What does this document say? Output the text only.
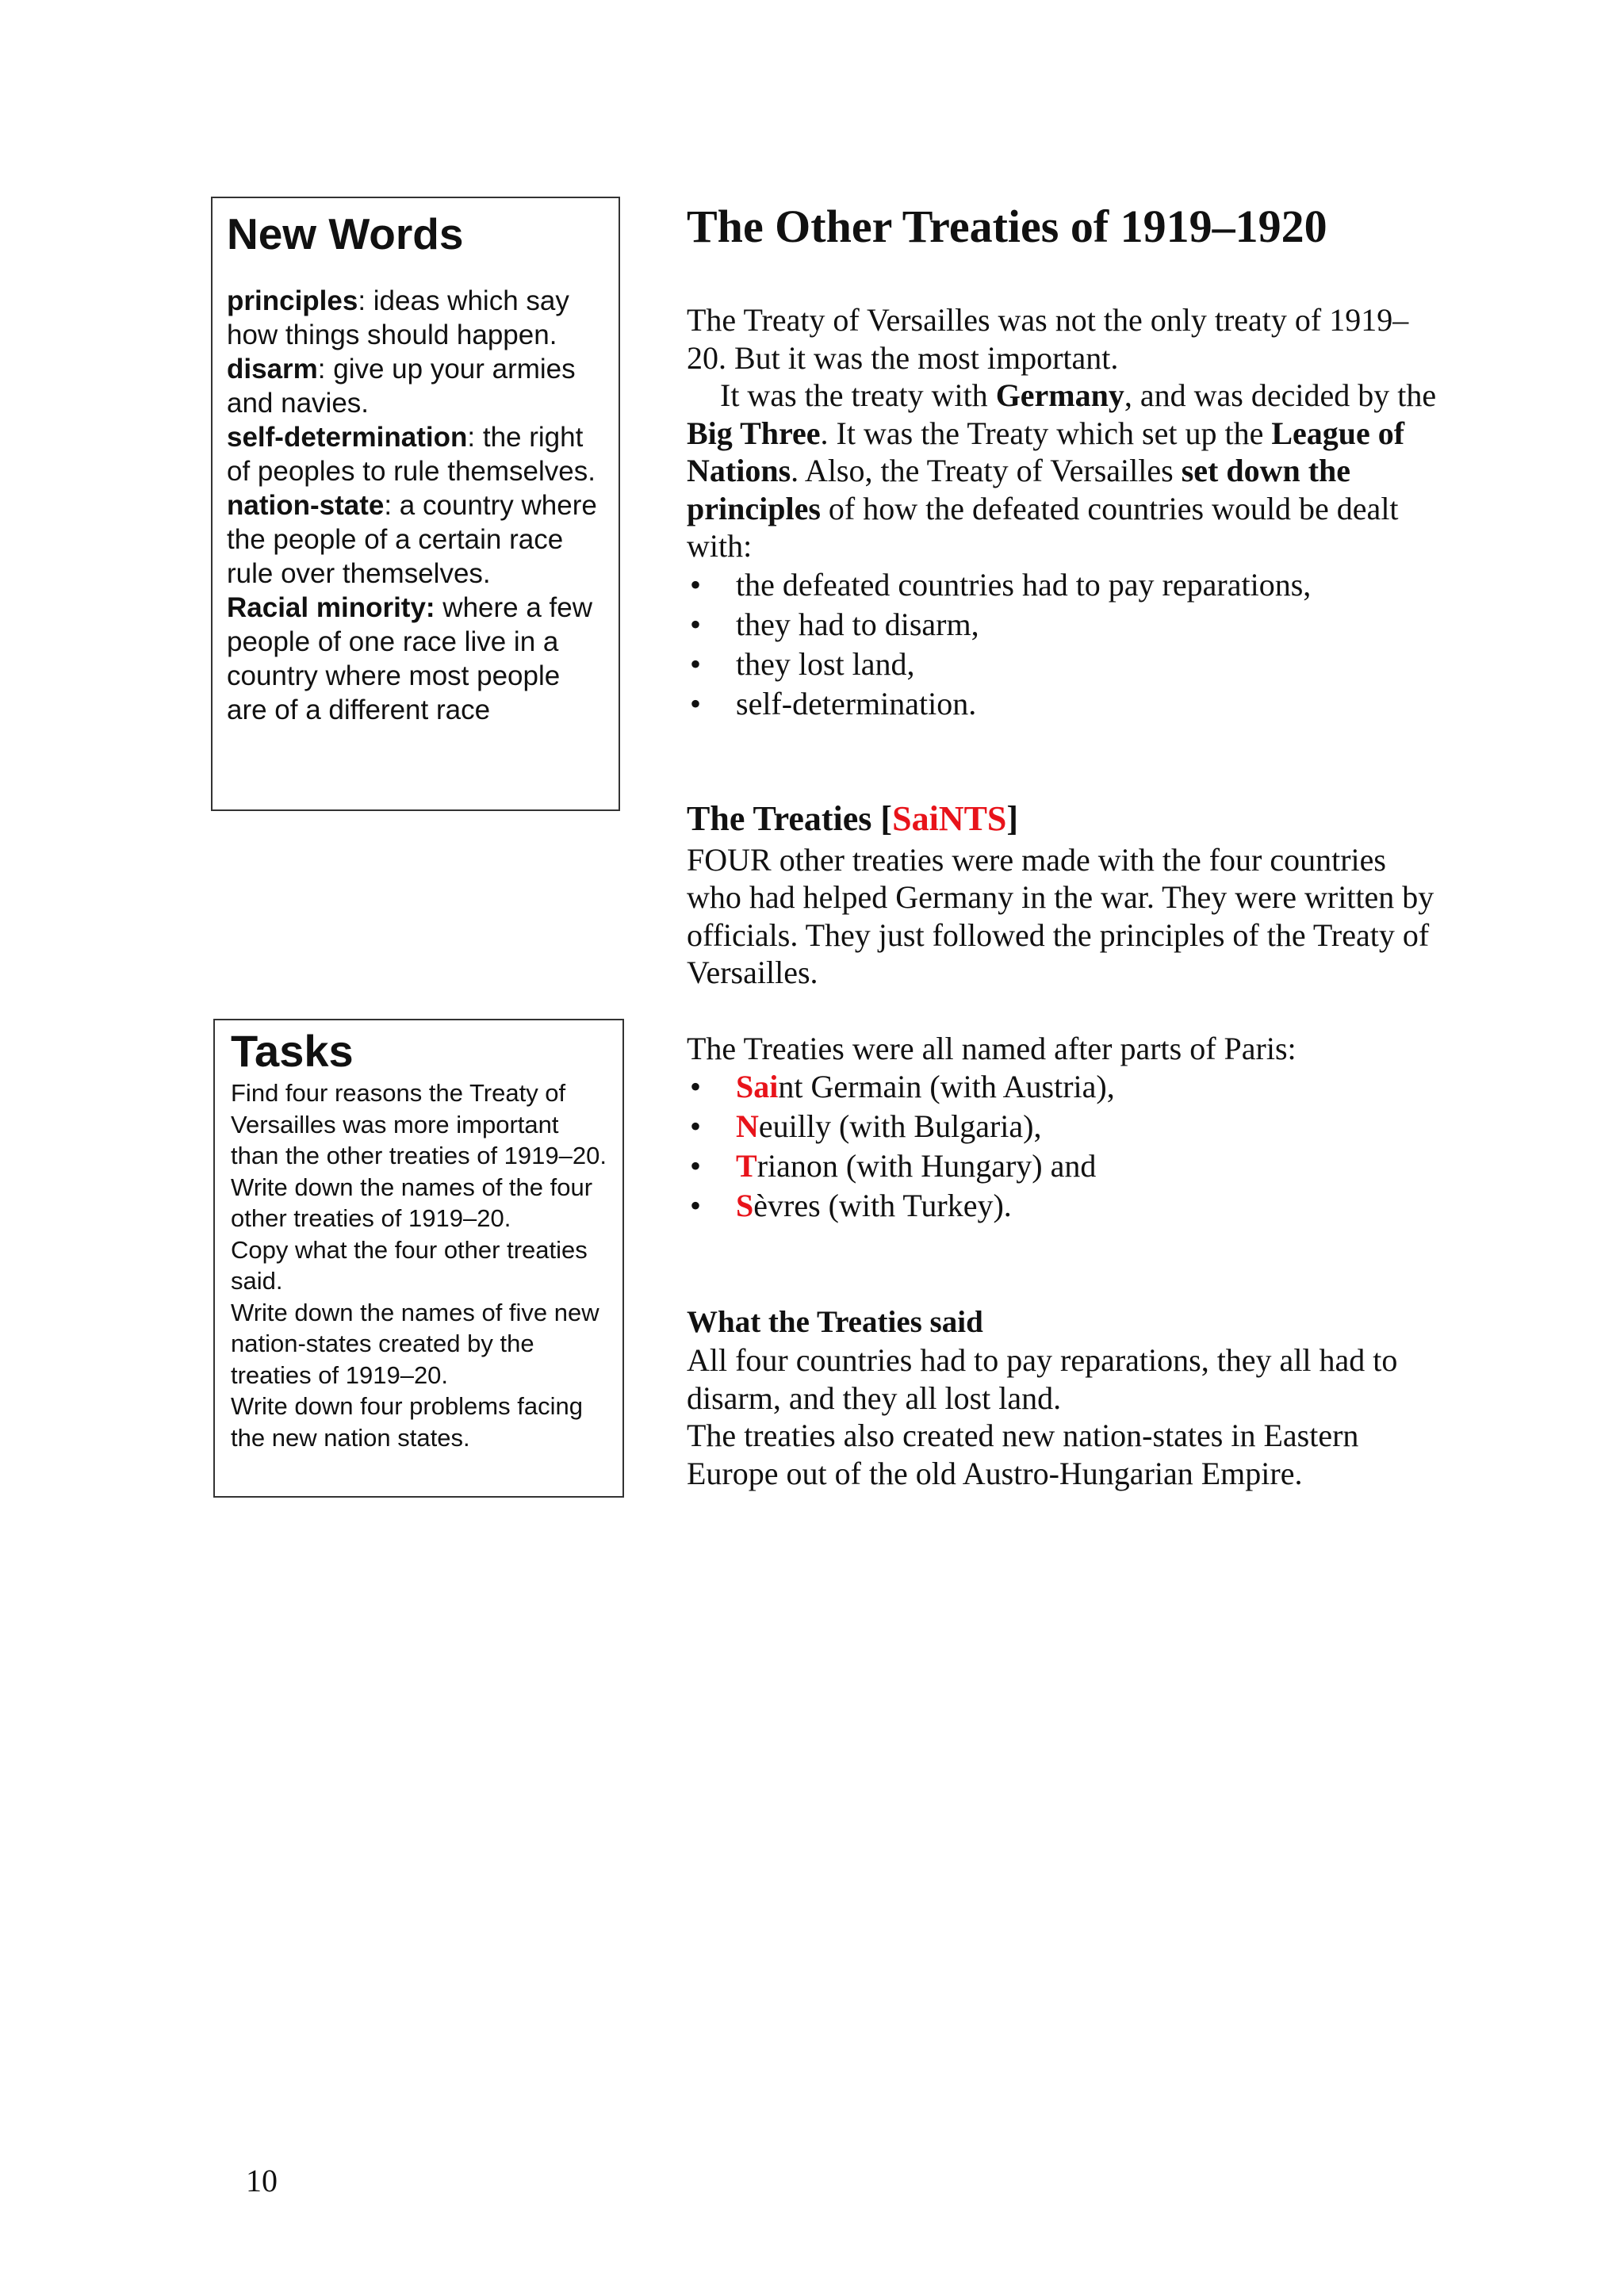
New Words
principles: ideas which say how things should happen.
disarm: give up your armies and navies.
self-determination: the right of peoples to rule themselves.
nation-state: a country where the people of a certain race rule over themselves.
Racial minority: where a few people of one race live in a country where most people are of a different race
Tasks
Find four reasons the Treaty of Versailles was more important than the other treaties of 1919–20.
Write down the names of the four other treaties of 1919–20.
Copy what the four other treaties said.
Write down the names of five new nation-states created by the treaties of 1919–20.
Write down four problems facing the new nation states.
The Other Treaties of 1919–1920

The Treaty of Versailles was not the only treaty of 1919–20. But it was the most important.

It was the treaty with Germany, and was decided by the Big Three. It was the Treaty which set up the League of Nations. Also, the Treaty of Versailles set down the principles of how the defeated countries would be dealt with:

• the defeated countries had to pay reparations,
• they had to disarm,
• they lost land,
• self-determination.
The Treaties [SaiNTS]

FOUR other treaties were made with the four countries who had helped Germany in the war. They were written by officials. They just followed the principles of the Treaty of Versailles.

The Treaties were all named after parts of Paris:

• Saint Germain (with Austria),
• Neuilly (with Bulgaria),
• Trianon (with Hungary) and
• Sèvres (with Turkey).
What the Treaties said

All four countries had to pay reparations, they all had to disarm, and they all lost land.

The treaties also created new nation-states in Eastern Europe out of the old Austro-Hungarian Empire.

10
